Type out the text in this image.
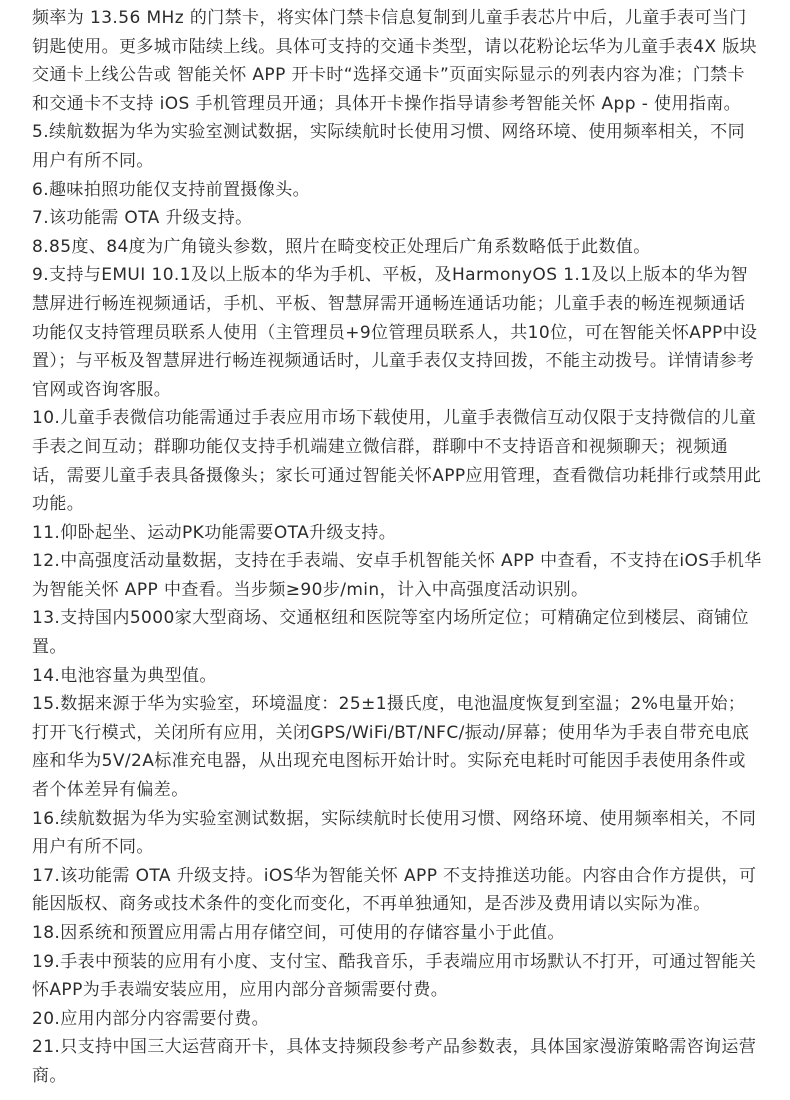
频率为 13.56 MHz 的门禁卡，将实体门禁卡信息复制到儿童手表芯片中后，儿童手表可当门钥匙使用。更多城市陆续上线。具体可支持的交通卡类型，请以花粉论坛华为儿童手表4X 版块交通卡上线公告或 智能关怀 APP 开卡时“选择交通卡”页面实际显示的列表内容为准；门禁卡和交通卡不支持 iOS 手机管理员开通；具体开卡操作指导请参考智能关怀 App - 使用指南。

5.续航数据为华为实验室测试数据，实际续航时长使用习惯、网络环境、使用频率相关，不同用户有所不同。

6.趣味拍照功能仅支持前置摄像头。

7.该功能需 OTA 升级支持。

8.85度、84度为广角镜头参数，照片在畸变校正处理后广角系数略低于此数值。

9.支持与EMUI 10.1及以上版本的华为手机、平板，及HarmonyOS 1.1及以上版本的华为智慧屏进行畅连视频通话，手机、平板、智慧屏需开通畅连通话功能；儿童手表的畅连视频通话功能仅支持管理员联系人使用（主管理员+9位管理员联系人，共10位，可在智能关怀APP中设置）；与平板及智慧屏进行畅连视频通话时，儿童手表仅支持回拨，不能主动拨号。详情请参考官网或咨询客服。

10.儿童手表微信功能需通过手表应用市场下载使用，儿童手表微信互动仅限于支持微信的儿童手表之间互动；群聊功能仅支持手机端建立微信群，群聊中不支持语音和视频聊天；视频通话，需要儿童手表具备摄像头；家长可通过智能关怀APP应用管理，查看微信功耗排行或禁用此功能。

11.仰卧起坐、运动PK功能需要OTA升级支持。

12.中高强度活动量数据，支持在手表端、安卓手机智能关怀 APP 中查看，不支持在iOS手机华为智能关怀 APP 中查看。当步频≥90步/min，计入中高强度活动识别。

13.支持国内5000家大型商场、交通枢纽和医院等室内场所定位；可精确定位到楼层、商铺位置。

14.电池容量为典型值。

15.数据来源于华为实验室，环境温度：25±1摄氏度，电池温度恢复到室温；2%电量开始；打开飞行模式，关闭所有应用，关闭GPS/WiFi/BT/NFC/振动/屏幕；使用华为手表自带充电底座和华为5V/2A标准充电器，从出现充电图标开始计时。实际充电耗时可能因手表使用条件或者个体差异有偏差。

16.续航数据为华为实验室测试数据，实际续航时长使用习惯、网络环境、使用频率相关，不同用户有所不同。

17.该功能需 OTA 升级支持。iOS华为智能关怀 APP 不支持推送功能。内容由合作方提供，可能因版权、商务或技术条件的变化而变化，不再单独通知，是否涉及费用请以实际为准。

18.因系统和预置应用需占用存储空间，可使用的存储容量小于此值。

19.手表中预装的应用有小度、支付宝、酷我音乐，手表端应用市场默认不打开，可通过智能关怀APP为手表端安装应用，应用内部分音频需要付费。

20.应用内部分内容需要付费。

21.只支持中国三大运营商开卡，具体支持频段参考产品参数表，具体国家漫游策略需咨询运营商。
